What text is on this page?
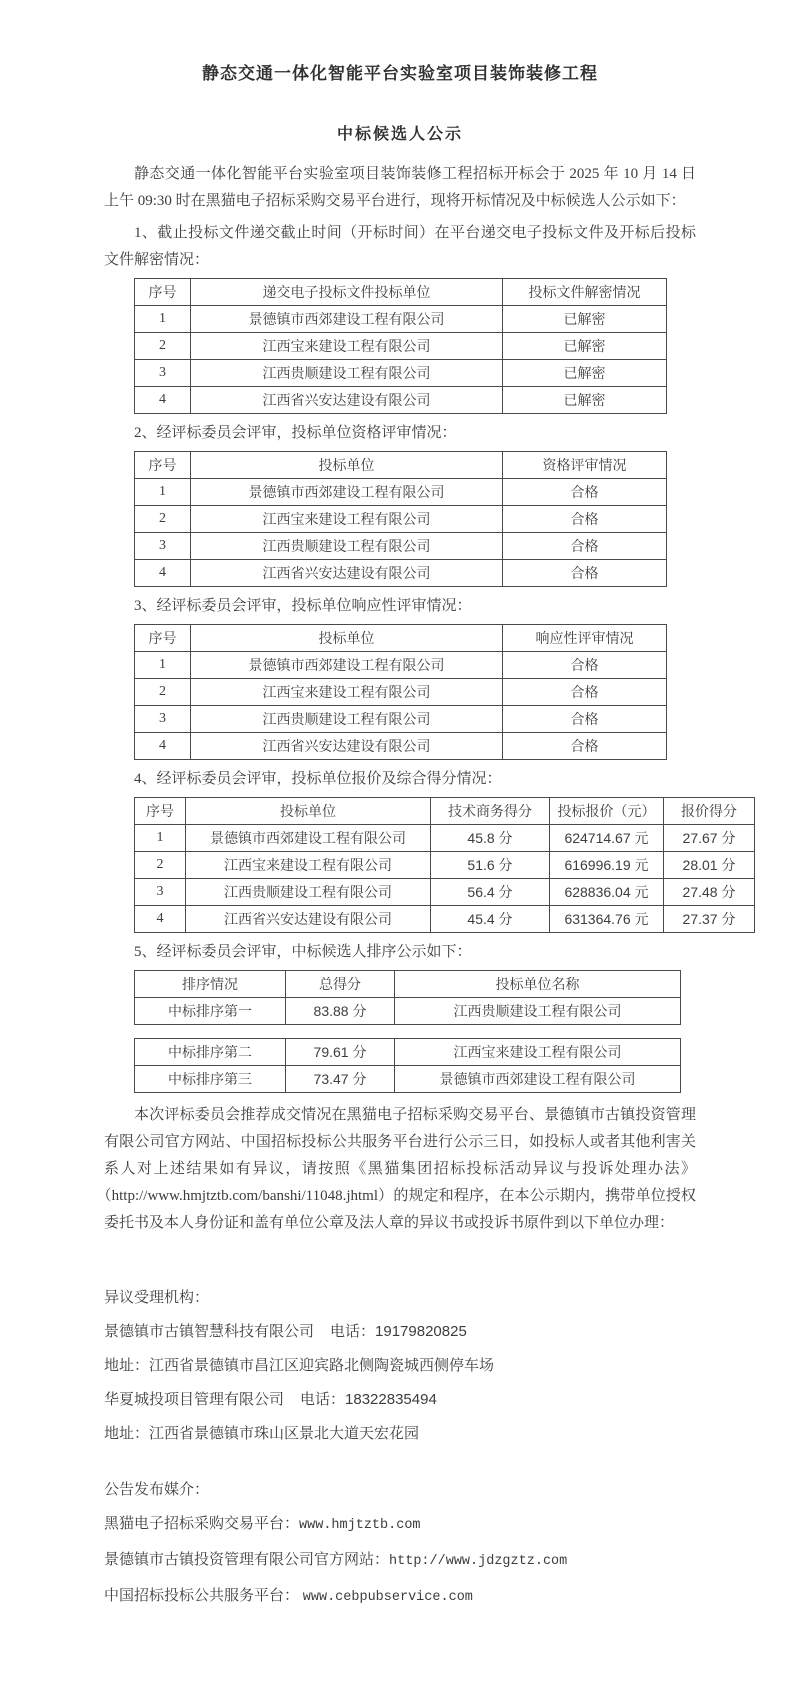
静态交通一体化智能平台实验室项目装饰装修工程

中标候选人公示

静态交通一体化智能平台实验室项目装饰装修工程招标开标会于 2025 年 10 月 14 日上午 09:30 时在黑猫电子招标采购交易平台进行，现将开标情况及中标候选人公示如下：

1、截止投标文件递交截止时间（开标时间）在平台递交电子投标文件及开标后投标文件解密情况：

序号	递交电子投标文件投标单位	投标文件解密情况
1	景德镇市西郊建设工程有限公司	已解密
2	江西宝来建设工程有限公司	已解密
3	江西贵顺建设工程有限公司	已解密
4	江西省兴安达建设有限公司	已解密

2、经评标委员会评审，投标单位资格评审情况：

序号	投标单位	资格评审情况
1	景德镇市西郊建设工程有限公司	合格
2	江西宝来建设工程有限公司	合格
3	江西贵顺建设工程有限公司	合格
4	江西省兴安达建设有限公司	合格

3、经评标委员会评审，投标单位响应性评审情况：

序号	投标单位	响应性评审情况
1	景德镇市西郊建设工程有限公司	合格
2	江西宝来建设工程有限公司	合格
3	江西贵顺建设工程有限公司	合格
4	江西省兴安达建设有限公司	合格

4、经评标委员会评审，投标单位报价及综合得分情况：

序号	投标单位	技术商务得分	投标报价（元）	报价得分
1	景德镇市西郊建设工程有限公司	45.8 分	624714.67 元	27.67 分
2	江西宝来建设工程有限公司	51.6 分	616996.19 元	28.01 分
3	江西贵顺建设工程有限公司	56.4 分	628836.04 元	27.48 分
4	江西省兴安达建设有限公司	45.4 分	631364.76 元	27.37 分

5、经评标委员会评审，中标候选人排序公示如下：

排序情况	总得分	投标单位名称
中标排序第一	83.88 分	江西贵顺建设工程有限公司
中标排序第二	79.61 分	江西宝来建设工程有限公司
中标排序第三	73.47 分	景德镇市西郊建设工程有限公司

本次评标委员会推荐成交情况在黑猫电子招标采购交易平台、景德镇市古镇投资管理有限公司官方网站、中国招标投标公共服务平台进行公示三日，如投标人或者其他利害关系人对上述结果如有异议，请按照《黑猫集团招标投标活动异议与投诉处理办法》（http://www.hmjtztb.com/banshi/11048.jhtml）的规定和程序，在本公示期内，携带单位授权委托书及本人身份证和盖有单位公章及法人章的异议书或投诉书原件到以下单位办理：

异议受理机构：

景德镇市古镇智慧科技有限公司 电话：19179820825

地址：江西省景德镇市昌江区迎宾路北侧陶瓷城西侧停车场

华夏城投项目管理有限公司 电话：18322835494

地址：江西省景德镇市珠山区景北大道天宏花园

公告发布媒介：

黑猫电子招标采购交易平台：www.hmjtztb.com

景德镇市古镇投资管理有限公司官方网站：http://www.jdzgztz.com

中国招标投标公共服务平台： www.cebpubservice.com
